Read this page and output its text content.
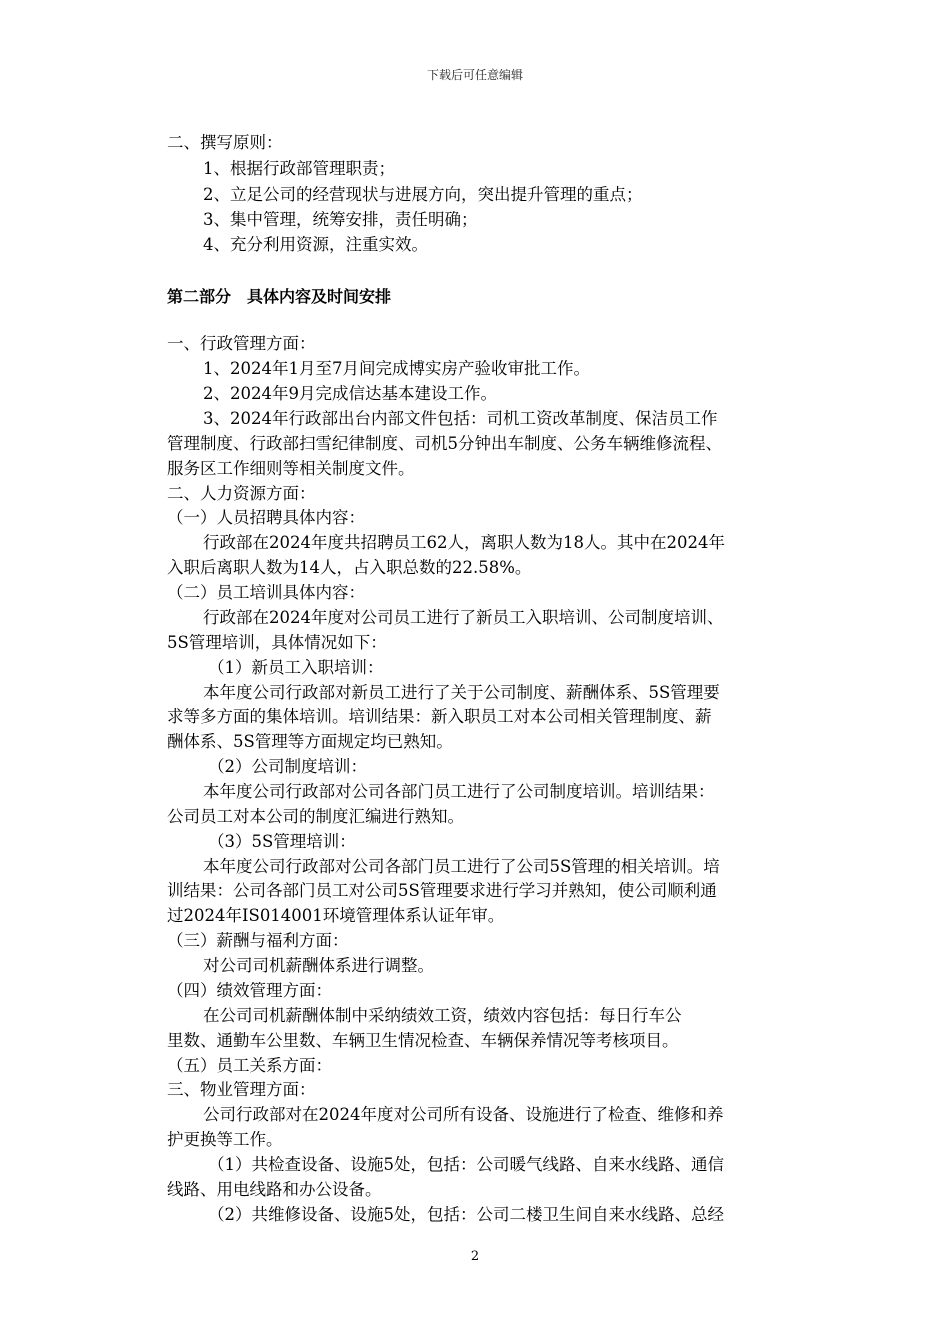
下载后可任意编辑
二、撰写原则：
1、根据行政部管理职责；
2、立足公司的经营现状与进展方向，突出提升管理的重点；
3、集中管理，统筹安排，责任明确；
4、充分利用资源，注重实效。
第二部分　具体内容及时间安排
一、行政管理方面：
1、2024年1月至7月间完成博实房产验收审批工作。
2、2024年9月完成信达基本建设工作。
3、2024年行政部出台内部文件包括：司机工资改革制度、保洁员工作
管理制度、行政部扫雪纪律制度、司机5分钟出车制度、公务车辆维修流程、
服务区工作细则等相关制度文件。
二、人力资源方面：
（一）人员招聘具体内容：
行政部在2024年度共招聘员工62人，离职人数为18人。其中在2024年
入职后离职人数为14人，占入职总数的22.58%。
（二）员工培训具体内容：
行政部在2024年度对公司员工进行了新员工入职培训、公司制度培训、
5S管理培训，具体情况如下：
（1）新员工入职培训：
本年度公司行政部对新员工进行了关于公司制度、薪酬体系、5S管理要
求等多方面的集体培训。培训结果：新入职员工对本公司相关管理制度、薪
酬体系、5S管理等方面规定均已熟知。
（2）公司制度培训：
本年度公司行政部对公司各部门员工进行了公司制度培训。培训结果：
公司员工对本公司的制度汇编进行熟知。
（3）5S管理培训：
本年度公司行政部对公司各部门员工进行了公司5S管理的相关培训。培
训结果：公司各部门员工对公司5S管理要求进行学习并熟知，使公司顺利通
过2024年IS014001环境管理体系认证年审。
（三）薪酬与福利方面：
对公司司机薪酬体系进行调整。
（四）绩效管理方面：
在公司司机薪酬体制中采纳绩效工资，绩效内容包括：每日行车公
里数、通勤车公里数、车辆卫生情况检查、车辆保养情况等考核项目。
（五）员工关系方面：
三、物业管理方面：
公司行政部对在2024年度对公司所有设备、设施进行了检查、维修和养
护更换等工作。
（1）共检查设备、设施5处，包括：公司暖气线路、自来水线路、通信
线路、用电线路和办公设备。
（2）共维修设备、设施5处，包括：公司二楼卫生间自来水线路、总经
2
